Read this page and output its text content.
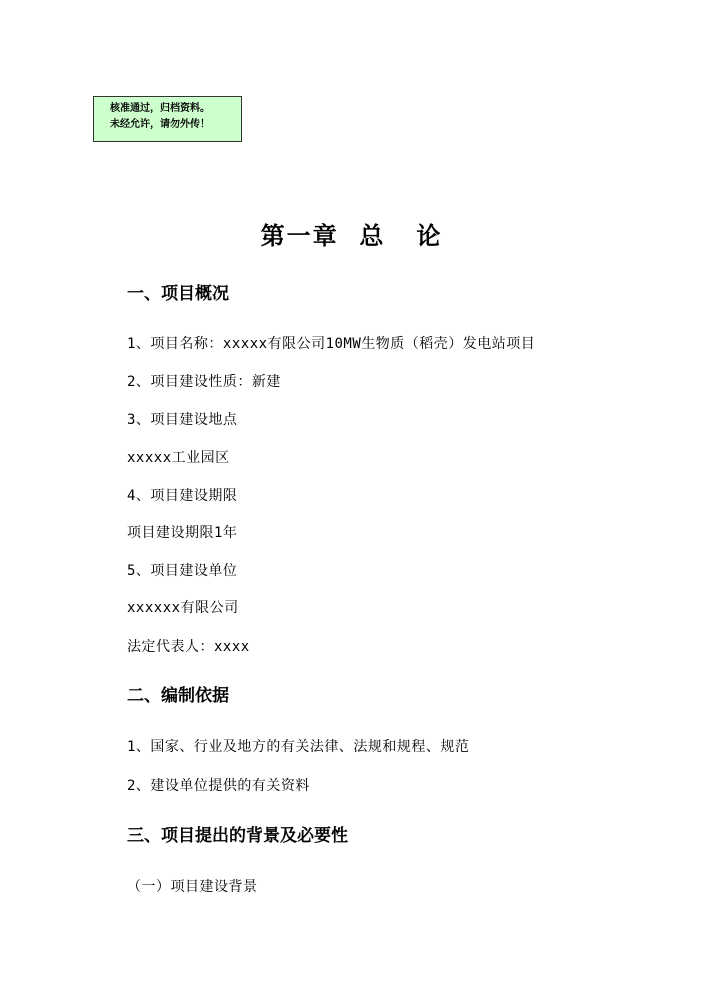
核准通过，归档资料。
未经允许，请勿外传！
第一章  总   论
一、项目概况
1、项目名称：xxxxx有限公司10MW生物质（稻壳）发电站项目
2、项目建设性质：新建
3、项目建设地点
xxxxx工业园区
4、项目建设期限
项目建设期限1年
5、项目建设单位
xxxxxx有限公司
法定代表人：xxxx
二、编制依据
1、国家、行业及地方的有关法律、法规和规程、规范
2、建设单位提供的有关资料
三、项目提出的背景及必要性
（一）项目建设背景
